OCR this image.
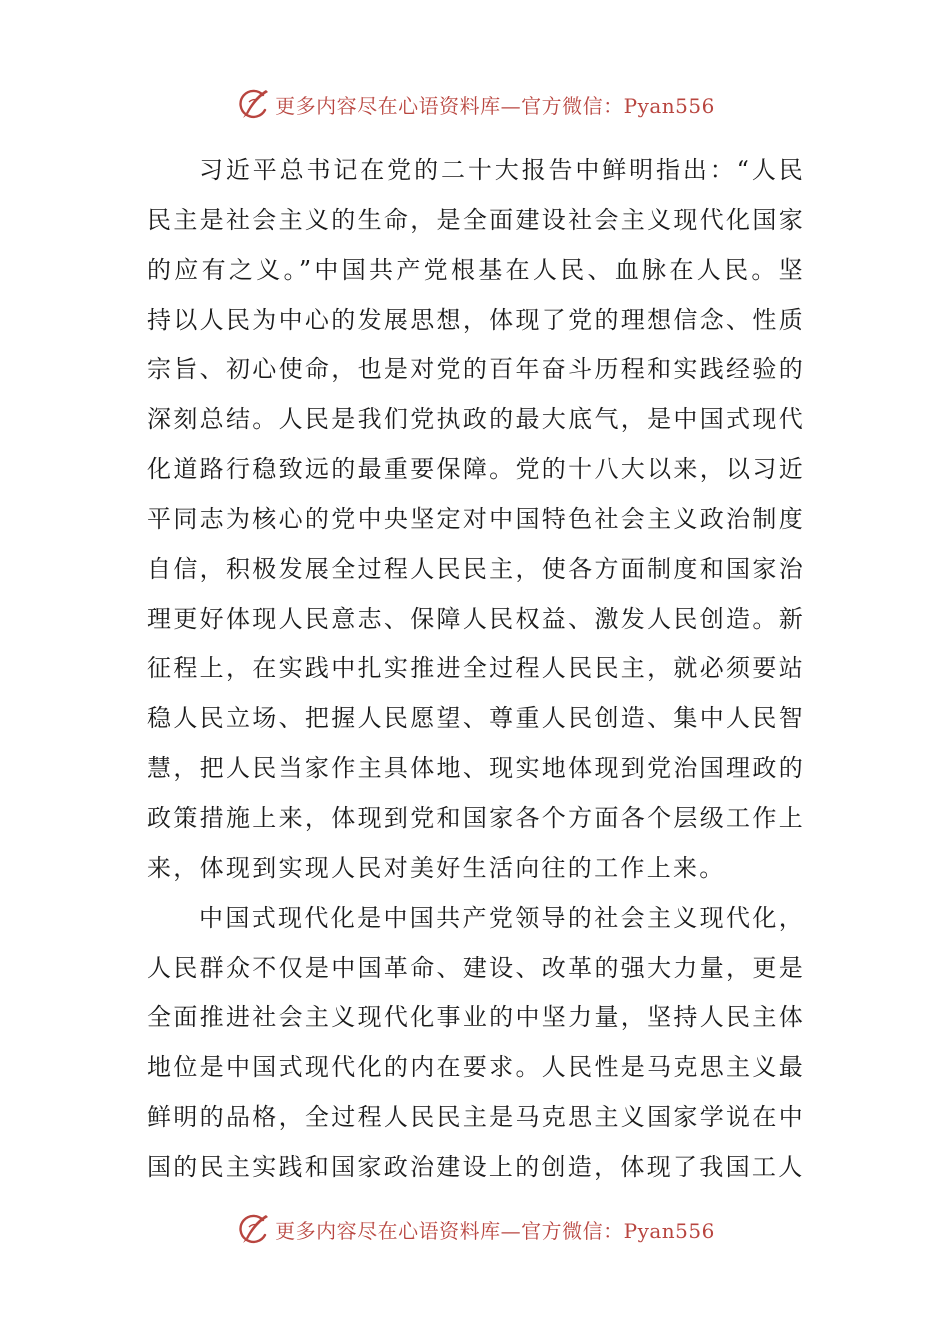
更多内容尽在心语资料库—官方微信：Pyan556

习近平总书记在党的二十大报告中鲜明指出：“人民民主是社会主义的生命，是全面建设社会主义现代化国家的应有之义。”中国共产党根基在人民、血脉在人民。坚持以人民为中心的发展思想，体现了党的理想信念、性质宗旨、初心使命，也是对党的百年奋斗历程和实践经验的深刻总结。人民是我们党执政的最大底气，是中国式现代化道路行稳致远的最重要保障。党的十八大以来，以习近平同志为核心的党中央坚定对中国特色社会主义政治制度自信，积极发展全过程人民民主，使各方面制度和国家治理更好体现人民意志、保障人民权益、激发人民创造。新征程上，在实践中扎实推进全过程人民民主，就必须要站稳人民立场、把握人民愿望、尊重人民创造、集中人民智慧，把人民当家作主具体地、现实地体现到党治国理政的政策措施上来，体现到党和国家各个方面各个层级工作上来，体现到实现人民对美好生活向往的工作上来。

中国式现代化是中国共产党领导的社会主义现代化，人民群众不仅是中国革命、建设、改革的强大力量，更是全面推进社会主义现代化事业的中坚力量，坚持人民主体地位是中国式现代化的内在要求。人民性是马克思主义最鲜明的品格，全过程人民民主是马克思主义国家学说在中国的民主实践和国家政治建设上的创造，体现了我国工人

更多内容尽在心语资料库—官方微信：Pyan556
